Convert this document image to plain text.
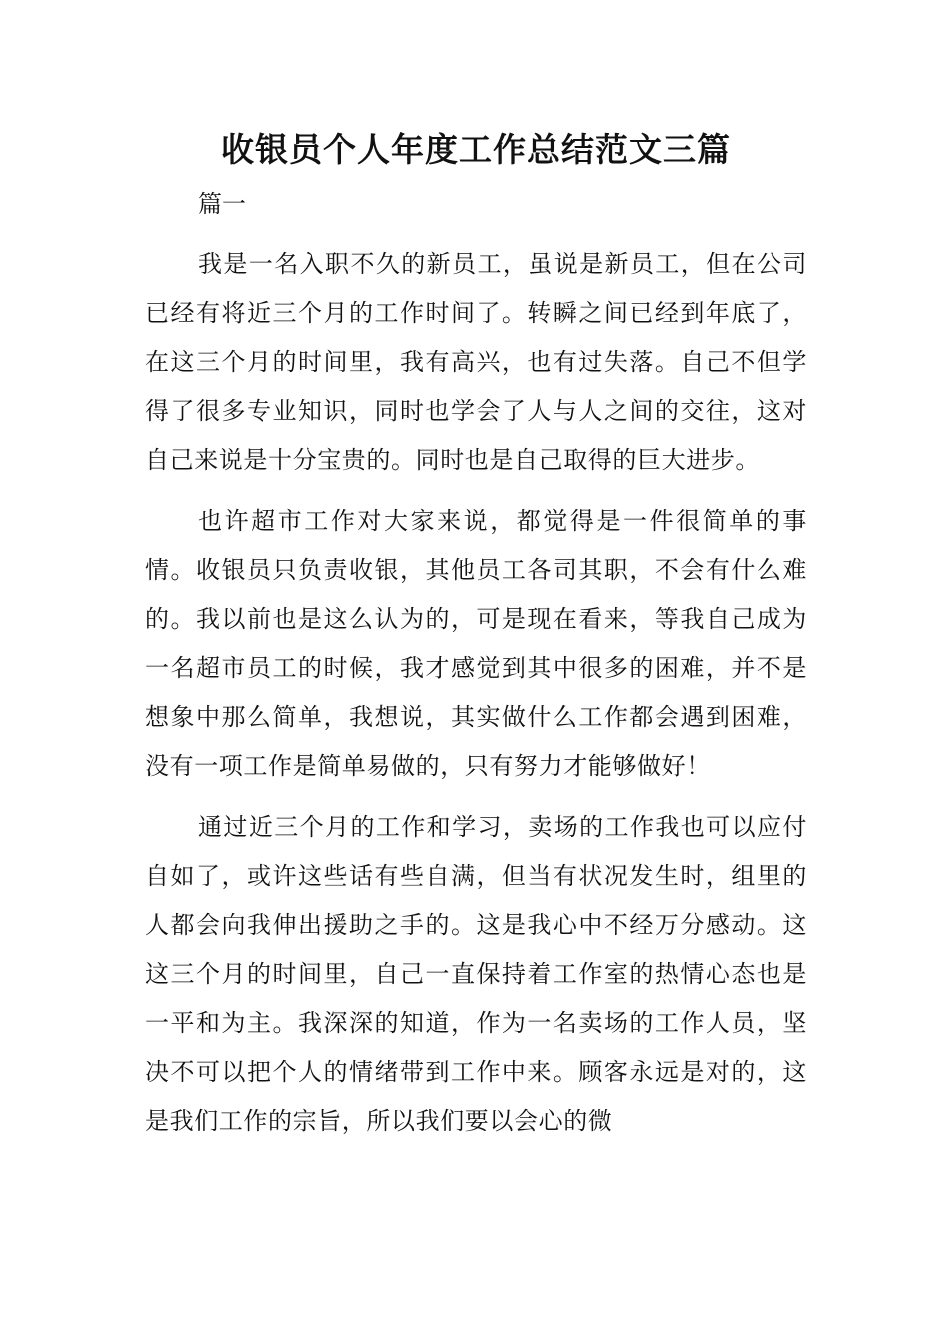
收银员个人年度工作总结范文三篇
篇一

我是一名入职不久的新员工，虽说是新员工，但在公司已经有将近三个月的工作时间了。转瞬之间已经到年底了，在这三个月的时间里，我有高兴，也有过失落。自己不但学得了很多专业知识，同时也学会了人与人之间的交往，这对自己来说是十分宝贵的。同时也是自己取得的巨大进步。

也许超市工作对大家来说，都觉得是一件很简单的事情。收银员只负责收银，其他员工各司其职，不会有什么难的。我以前也是这么认为的，可是现在看来，等我自己成为一名超市员工的时候，我才感觉到其中很多的困难，并不是想象中那么简单，我想说，其实做什么工作都会遇到困难，没有一项工作是简单易做的，只有努力才能够做好！

通过近三个月的工作和学习，卖场的工作我也可以应付自如了，或许这些话有些自满，但当有状况发生时，组里的人都会向我伸出援助之手的。这是我心中不经万分感动。这这三个月的时间里，自己一直保持着工作室的热情心态也是一平和为主。我深深的知道，作为一名卖场的工作人员，坚决不可以把个人的情绪带到工作中来。顾客永远是对的，这是我们工作的宗旨，所以我们要以会心的微
